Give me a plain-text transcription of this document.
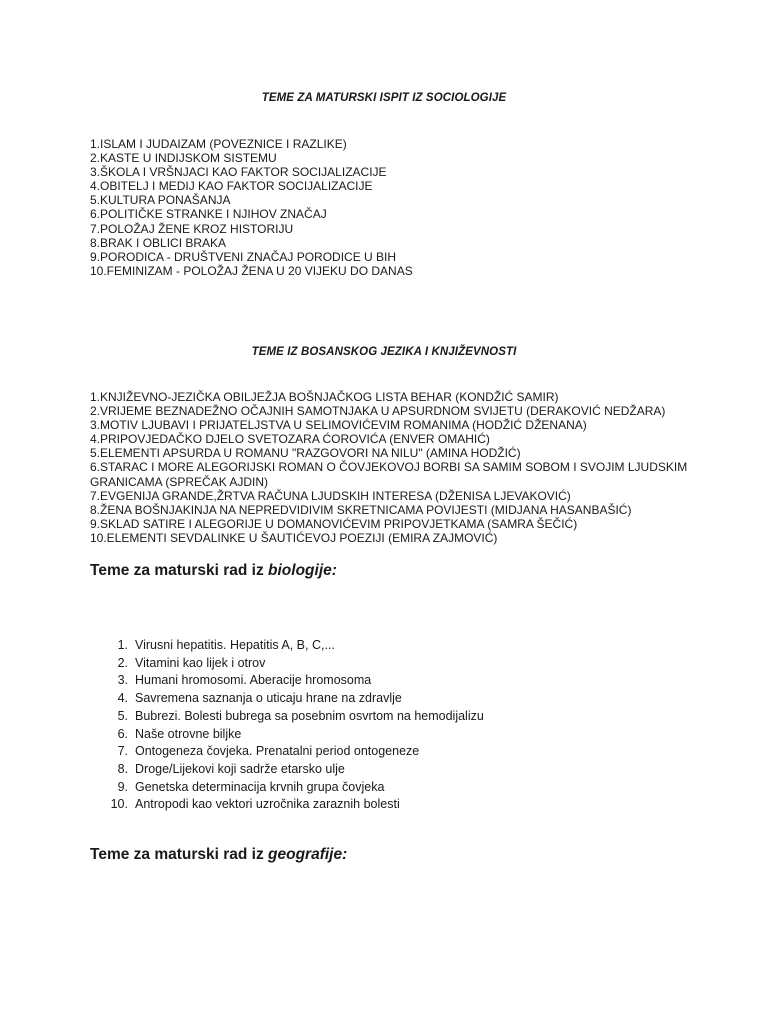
TEME ZA MATURSKI ISPIT IZ SOCIOLOGIJE
1.ISLAM I JUDAIZAM (POVEZNICE I RAZLIKE)
2.KASTE U INDIJSKOM SISTEMU
3.ŠKOLA I VRŠNJACI KAO FAKTOR SOCIJALIZACIJE
4.OBITELJ I MEDIJ KAO FAKTOR SOCIJALIZACIJE
5.KULTURA PONAŠANJA
6.POLITIČKE STRANKE I NJIHOV ZNAČAJ
7.POLOŽAJ ŽENE KROZ HISTORIJU
8.BRAK I OBLICI BRAKA
9.PORODICA - DRUŠTVENI ZNAČAJ PORODICE U BIH
10.FEMINIZAM - POLOŽAJ ŽENA U 20 VIJEKU DO DANAS
TEME IZ BOSANSKOG JEZIKA I KNJIŽEVNOSTI
1.KNJIŽEVNO-JEZIČKA OBILJEŽJA BOŠNJAČKOG LISTA BEHAR (KONDŽIĆ SAMIR)
2.VRIJEME BEZNADEŽNO OČAJNIH SAMOTNJAKA U APSURDNOM SVIJETU (DERAKOVIĆ NEDŽARA)
3.MOTIV LJUBAVI I PRIJATELJSTVA U SELIMOVIĆEVIM ROMANIMA (HODŽIĆ DŽENANA)
4.PRIPOVJEDAČKO DJELO SVETOZARA ĆOROVIĆA (ENVER OMAHIĆ)
5.ELEMENTI APSURDA U ROMANU "RAZGOVORI NA NILU" (AMINA HODŽIĆ)
6.STARAC I MORE ALEGORIJSKI ROMAN O ČOVJEKOVOJ BORBI SA SAMIM SOBOM I SVOJIM LJUDSKIM GRANICAMA (SPREČAK AJDIN)
7.EVGENIJA GRANDE,ŽRTVA RAČUNA LJUDSKIH INTERESA (DŽENISA LJEVAKOVIĆ)
8.ŽENA BOŠNJAKINJA NA NEPREDVIDIVIM SKRETNICAMA POVIJESTI (MIDJANA HASANBAŠIĆ)
9.SKLAD SATIRE I ALEGORIJE U DOMANOVIĆEVIM PRIPOVJETKAMA (SAMRA ŠEČIĆ)
10.ELEMENTI SEVDALINKE U ŠAUTIĆEVOJ POEZIJI (EMIRA ZAJMOVIĆ)
Teme za maturski rad iz biologije:
1. Virusni hepatitis. Hepatitis A, B, C,...
2. Vitamini kao lijek i otrov
3. Humani hromosomi. Aberacije hromosoma
4. Savremena saznanja o uticaju hrane na zdravlje
5. Bubrezi. Bolesti bubrega sa posebnim osvrtom na hemodijalizu
6. Naše otrovne biljke
7. Ontogeneza čovjeka. Prenatalni period ontogeneze
8. Droge/Lijekovi koji sadrže etarsko ulje
9. Genetska determinacija krvnih grupa čovjeka
10. Antropodi kao vektori uzročnika zaraznih bolesti
Teme za maturski rad iz geografije:
